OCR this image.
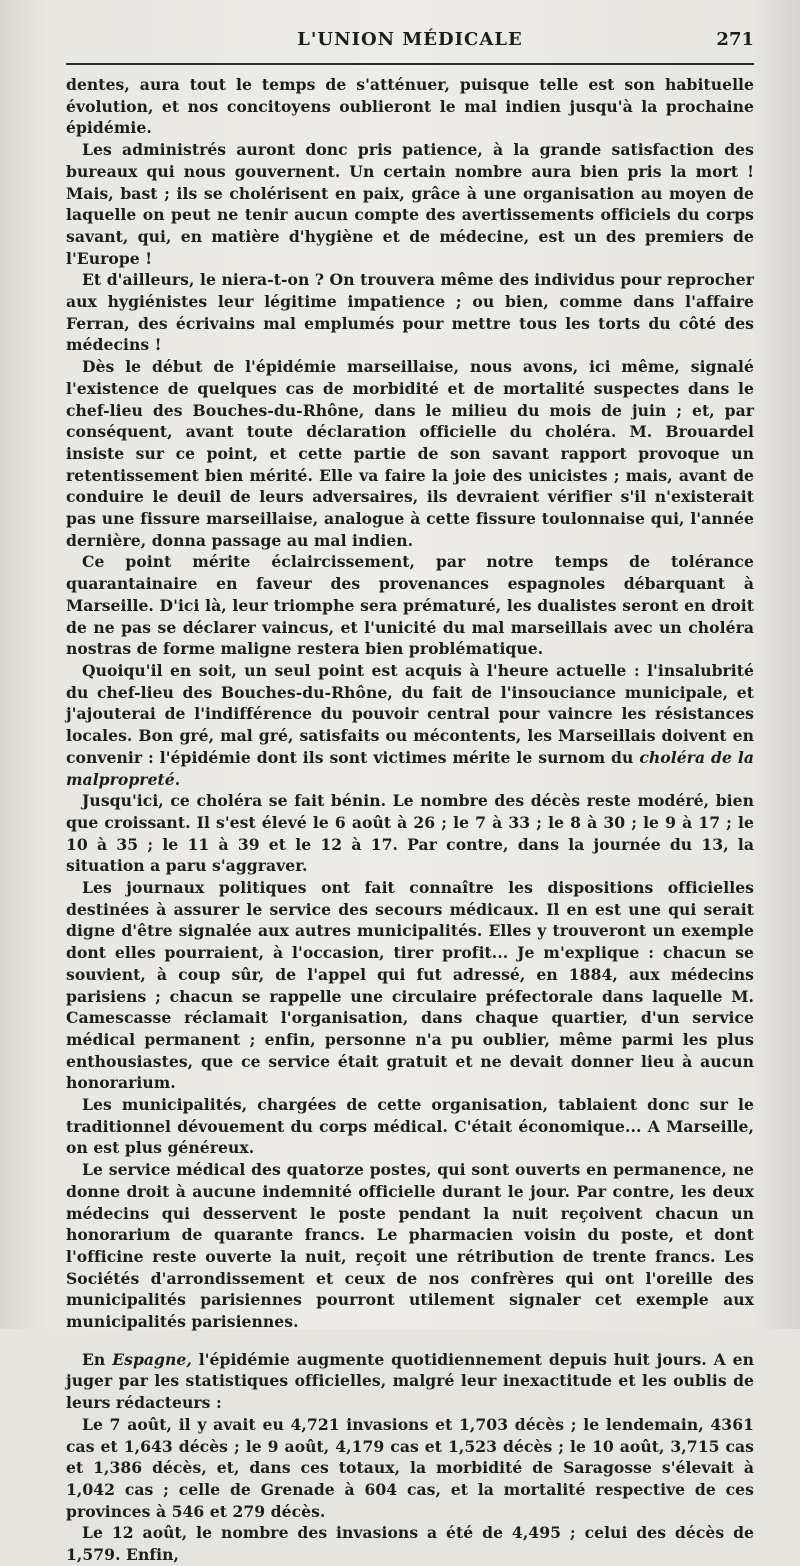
L'UNION MÉDICALE	271

dentes, aura tout le temps de s'atténuer, puisque telle est son habituelle évolution, et nos concitoyens oublieront le mal indien jusqu'à la prochaine épidémie.

Les administrés auront donc pris patience, à la grande satisfaction des bureaux qui nous gouvernent. Un certain nombre aura bien pris la mort ! Mais, bast ; ils se cholérisent en paix, grâce à une organisation au moyen de laquelle on peut ne tenir aucun compte des avertissements officiels du corps savant, qui, en matière d'hygiène et de médecine, est un des premiers de l'Europe !

Et d'ailleurs, le niera-t-on ? On trouvera même des individus pour reprocher aux hygiénistes leur légitime impatience ; ou bien, comme dans l'affaire Ferran, des écrivains mal emplumés pour mettre tous les torts du côté des médecins !

Dès le début de l'épidémie marseillaise, nous avons, ici même, signalé l'existence de quelques cas de morbidité et de mortalité suspectes dans le chef-lieu des Bouches-du-Rhône, dans le milieu du mois de juin ; et, par conséquent, avant toute déclaration officielle du choléra. M. Brouardel insiste sur ce point, et cette partie de son savant rapport provoque un retentissement bien mérité. Elle va faire la joie des unicistes ; mais, avant de conduire le deuil de leurs adversaires, ils devraient vérifier s'il n'existerait pas une fissure marseillaise, analogue à cette fissure toulonnaise qui, l'année dernière, donna passage au mal indien.

Ce point mérite éclaircissement, par notre temps de tolérance quarantainaire en faveur des provenances espagnoles débarquant à Marseille. D'ici là, leur triomphe sera prématuré, les dualistes seront en droit de ne pas se déclarer vaincus, et l'unicité du mal marseillais avec un choléra nostras de forme maligne restera bien problématique.

Quoiqu'il en soit, un seul point est acquis à l'heure actuelle : l'insalubrité du chef-lieu des Bouches-du-Rhône, du fait de l'insouciance municipale, et j'ajouterai de l'indifférence du pouvoir central pour vaincre les résistances locales. Bon gré, mal gré, satisfaits ou mécontents, les Marseillais doivent en convenir : l'épidémie dont ils sont victimes mérite le surnom du choléra de la malpropreté.

Jusqu'ici, ce choléra se fait bénin. Le nombre des décès reste modéré, bien que croissant. Il s'est élevé le 6 août à 26 ; le 7 à 33 ; le 8 à 30 ; le 9 à 17 ; le 10 à 35 ; le 11 à 39 et le 12 à 17. Par contre, dans la journée du 13, la situation a paru s'aggraver.

Les journaux politiques ont fait connaître les dispositions officielles destinées à assurer le service des secours médicaux. Il en est une qui serait digne d'être signalée aux autres municipalités. Elles y trouveront un exemple dont elles pourraient, à l'occasion, tirer profit... Je m'explique : chacun se souvient, à coup sûr, de l'appel qui fut adressé, en 1884, aux médecins parisiens ; chacun se rappelle une circulaire préfectorale dans laquelle M. Camescasse réclamait l'organisation, dans chaque quartier, d'un service médical permanent ; enfin, personne n'a pu oublier, même parmi les plus enthousiastes, que ce service était gratuit et ne devait donner lieu à aucun honorarium.

Les municipalités, chargées de cette organisation, tablaient donc sur le traditionnel dévouement du corps médical. C'était économique... A Marseille, on est plus généreux.

Le service médical des quatorze postes, qui sont ouverts en permanence, ne donne droit à aucune indemnité officielle durant le jour. Par contre, les deux médecins qui desservent le poste pendant la nuit reçoivent chacun un honorarium de quarante francs. Le pharmacien voisin du poste, et dont l'officine reste ouverte la nuit, reçoit une rétribution de trente francs. Les Sociétés d'arrondissement et ceux de nos confrères qui ont l'oreille des municipalités parisiennes pourront utilement signaler cet exemple aux municipalités parisiennes.

En Espagne, l'épidémie augmente quotidiennement depuis huit jours. A en juger par les statistiques officielles, malgré leur inexactitude et les oublis de leurs rédacteurs :

Le 7 août, il y avait eu 4,721 invasions et 1,703 décès ; le lendemain, 4361 cas et 1,643 décès ; le 9 août, 4,179 cas et 1,523 décès ; le 10 août, 3,715 cas et 1,386 décès, et, dans ces totaux, la morbidité de Saragosse s'élevait à 1,042 cas ; celle de Grenade à 604 cas, et la mortalité respective de ces provinces à 546 et 279 décès.

Le 12 août, le nombre des invasions a été de 4,495 ; celui des décès de 1,579. Enfin,
